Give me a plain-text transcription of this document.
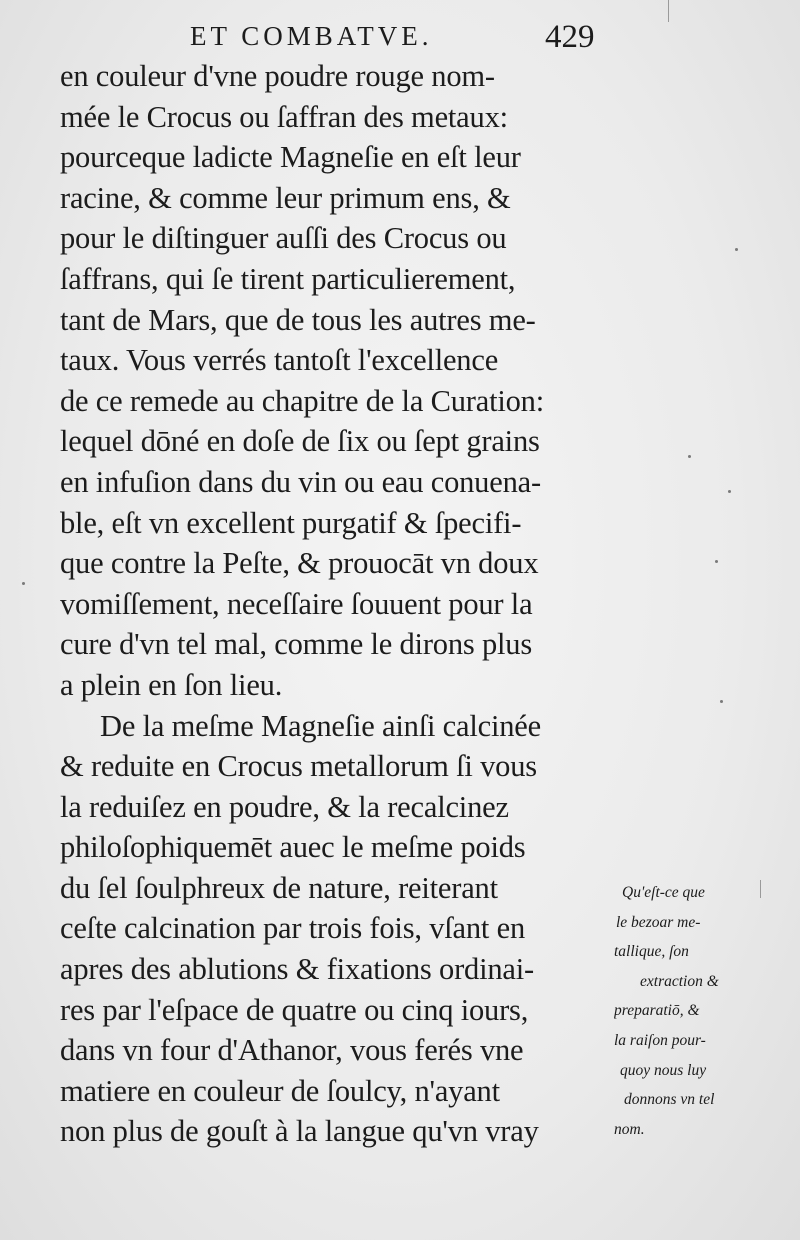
ET COMBATVE.	429
en couleur d'vne poudre rouge nom-
mée le Crocus ou ſaffran des metaux:
pourceque ladicte Magneſie en eſt leur
racine, & comme leur primum ens, &
pour le diſtinguer auſſi des Crocus ou
ſaffrans, qui ſe tirent particulierement,
tant de Mars, que de tous les autres me-
taux. Vous verrés tantoſt l'excellence
de ce remede au chapitre de la Curation:
lequel dōné en doſe de ſix ou ſept grains
en infuſion dans du vin ou eau conuena-
ble, eſt vn excellent purgatif & ſpecifi-
que contre la Peſte, & prouocāt vn doux
vomiſſement, neceſſaire ſouuent pour la
cure d'vn tel mal, comme le dirons plus
a plein en ſon lieu.
De la meſme Magneſie ainſi calcinée
& reduite en Crocus metallorum ſi vous
la reduiſez en poudre, & la recalcinez
philoſophiquemēt auec le meſme poids
du ſel ſoulphreux de nature, reiterant
ceſte calcination par trois fois, vſant en
apres des ablutions & fixations ordinai-
res par l'eſpace de quatre ou cinq iours,
dans vn four d'Athanor, vous ferés vne
matiere en couleur de ſoulcy, n'ayant
non plus de gouſt à la langue qu'vn vray
Qu'eſt-ce que
le bezoar me-
tallique, ſon
extraction &
preparatiō, &
la raiſon pour-
quoy nous luy
donnons vn tel
nom.
